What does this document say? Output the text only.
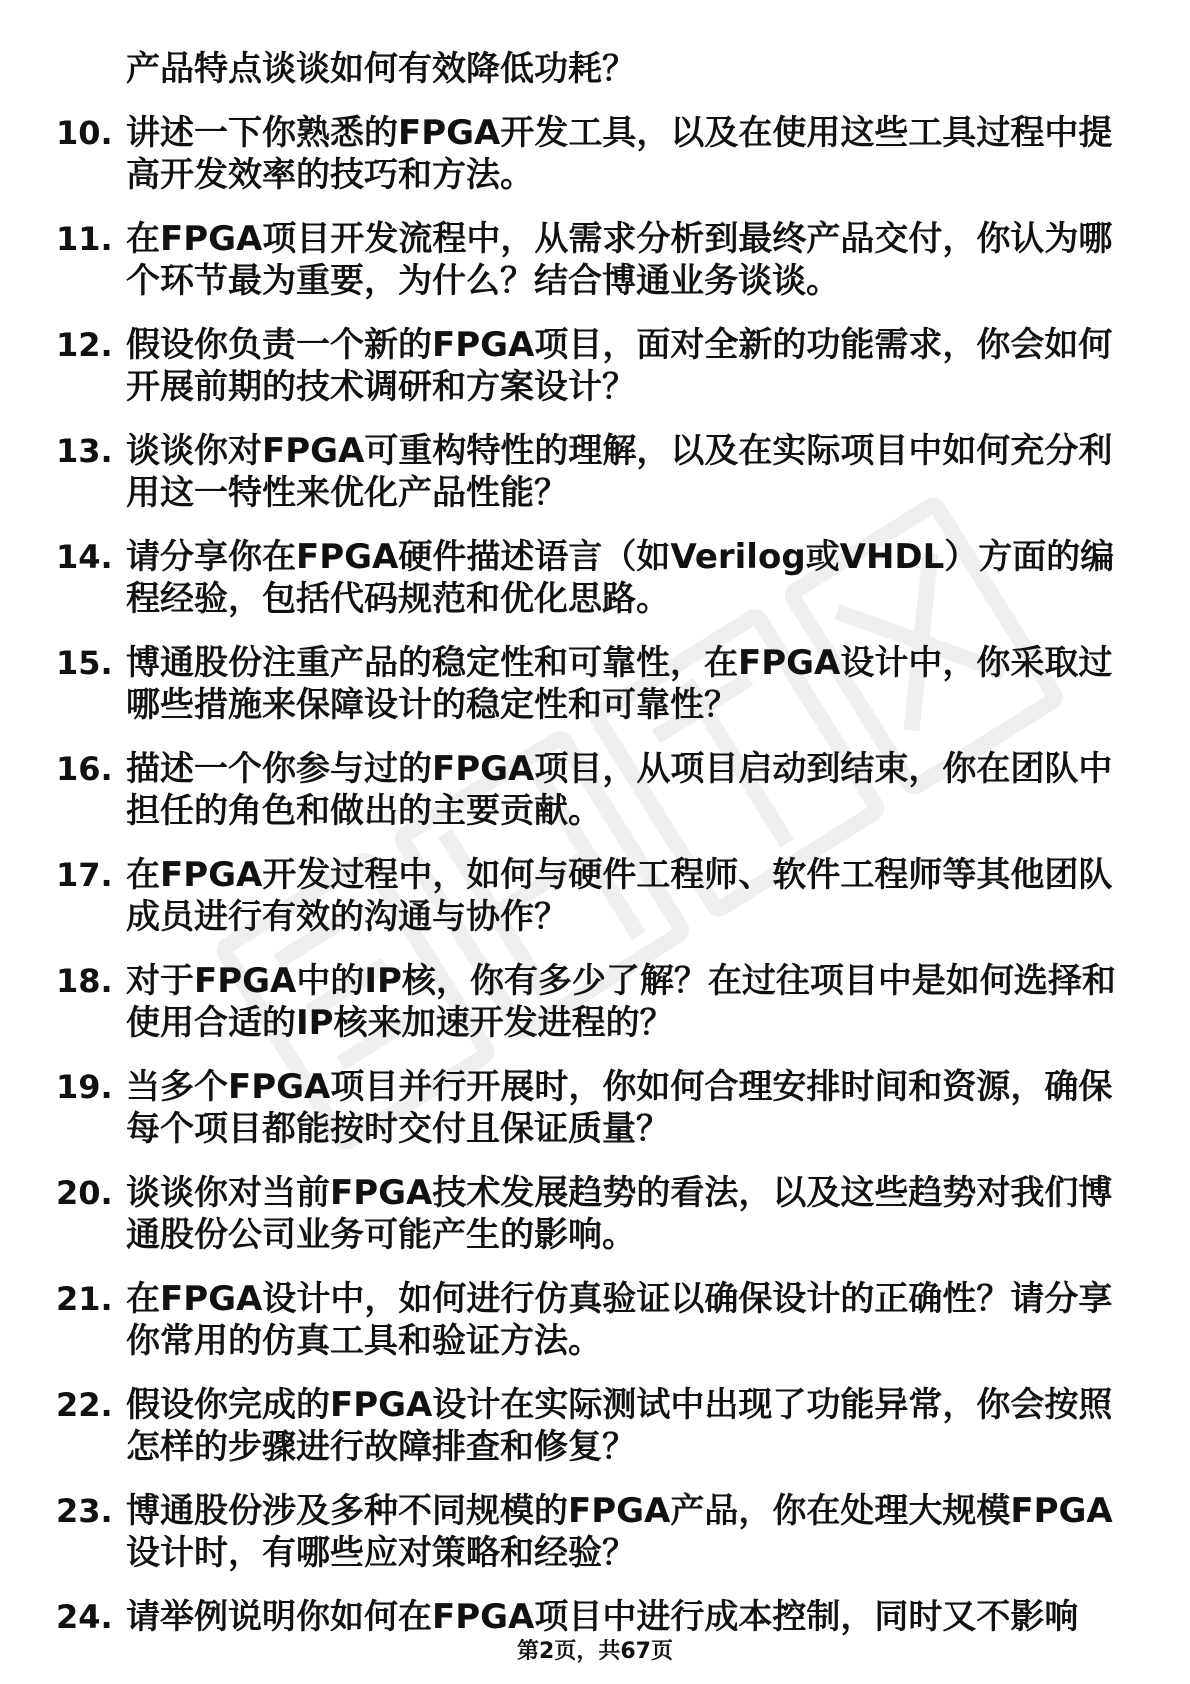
产品特点谈谈如何有效降低功耗？
10. 讲述一下你熟悉的FPGA开发工具，以及在使用这些工具过程中提高开发效率的技巧和方法。
11. 在FPGA项目开发流程中，从需求分析到最终产品交付，你认为哪个环节最为重要，为什么？结合博通业务谈谈。
12. 假设你负责一个新的FPGA项目，面对全新的功能需求，你会如何开展前期的技术调研和方案设计？
13. 谈谈你对FPGA可重构特性的理解，以及在实际项目中如何充分利用这一特性来优化产品性能？
14. 请分享你在FPGA硬件描述语言（如Verilog或VHDL）方面的编程经验，包括代码规范和优化思路。
15. 博通股份注重产品的稳定性和可靠性，在FPGA设计中，你采取过哪些措施来保障设计的稳定性和可靠性？
16. 描述一个你参与过的FPGA项目，从项目启动到结束，你在团队中担任的角色和做出的主要贡献。
17. 在FPGA开发过程中，如何与硬件工程师、软件工程师等其他团队成员进行有效的沟通与协作？
18. 对于FPGA中的IP核，你有多少了解？在过往项目中是如何选择和使用合适的IP核来加速开发进程的？
19. 当多个FPGA项目并行开展时，你如何合理安排时间和资源，确保每个项目都能按时交付且保证质量？
20. 谈谈你对当前FPGA技术发展趋势的看法，以及这些趋势对我们博通股份公司业务可能产生的影响。
21. 在FPGA设计中，如何进行仿真验证以确保设计的正确性？请分享你常用的仿真工具和验证方法。
22. 假设你完成的FPGA设计在实际测试中出现了功能异常，你会按照怎样的步骤进行故障排查和修复？
23. 博通股份涉及多种不同规模的FPGA产品，你在处理大规模FPGA设计时，有哪些应对策略和经验？
24. 请举例说明你如何在FPGA项目中进行成本控制，同时又不影响
第2页，共67页
